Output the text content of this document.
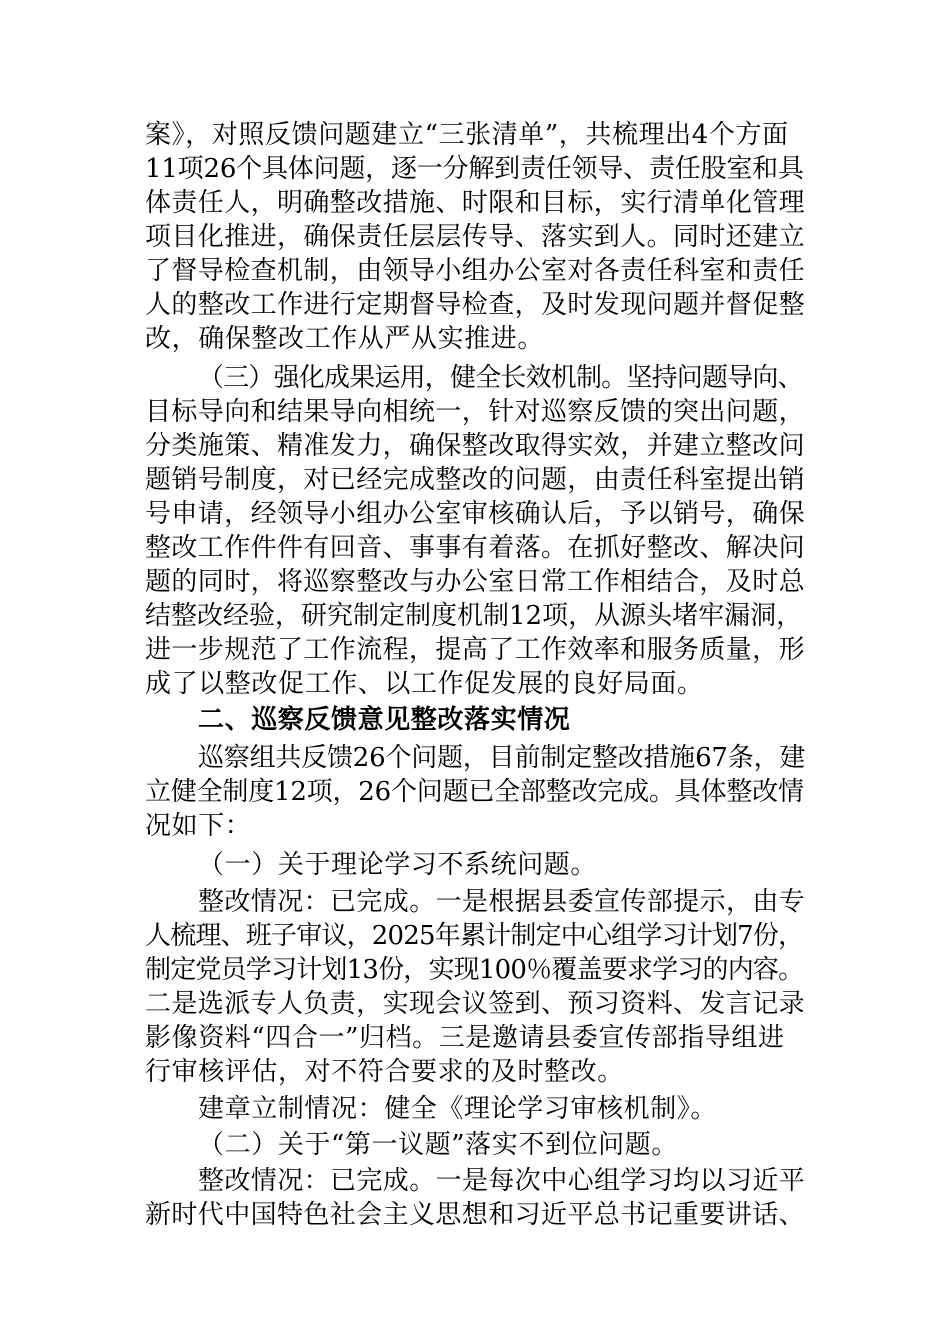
案》，对照反馈问题建立“三张清单”，共梳理出4个方面
11项26个具体问题，逐一分解到责任领导、责任股室和具
体责任人，明确整改措施、时限和目标，实行清单化管理
项目化推进，确保责任层层传导、落实到人。同时还建立
了督导检查机制，由领导小组办公室对各责任科室和责任
人的整改工作进行定期督导检查，及时发现问题并督促整
改，确保整改工作从严从实推进。
（三）强化成果运用，健全长效机制。坚持问题导向、
目标导向和结果导向相统一，针对巡察反馈的突出问题，
分类施策、精准发力，确保整改取得实效，并建立整改问
题销号制度，对已经完成整改的问题，由责任科室提出销
号申请，经领导小组办公室审核确认后，予以销号，确保
整改工作件件有回音、事事有着落。在抓好整改、解决问
题的同时，将巡察整改与办公室日常工作相结合，及时总
结整改经验，研究制定制度机制12项，从源头堵牢漏洞，
进一步规范了工作流程，提高了工作效率和服务质量，形
成了以整改促工作、以工作促发展的良好局面。
二、巡察反馈意见整改落实情况
巡察组共反馈26个问题，目前制定整改措施67条，建
立健全制度12项，26个问题已全部整改完成。具体整改情
况如下：
（一）关于理论学习不系统问题。
整改情况：已完成。一是根据县委宣传部提示，由专
人梳理、班子审议，2025年累计制定中心组学习计划7份，
制定党员学习计划13份，实现100％覆盖要求学习的内容。
二是选派专人负责，实现会议签到、预习资料、发言记录
影像资料“四合一”归档。三是邀请县委宣传部指导组进
行审核评估，对不符合要求的及时整改。
建章立制情况：健全《理论学习审核机制》。
（二）关于“第一议题”落实不到位问题。
整改情况：已完成。一是每次中心组学习均以习近平
新时代中国特色社会主义思想和习近平总书记重要讲话、
